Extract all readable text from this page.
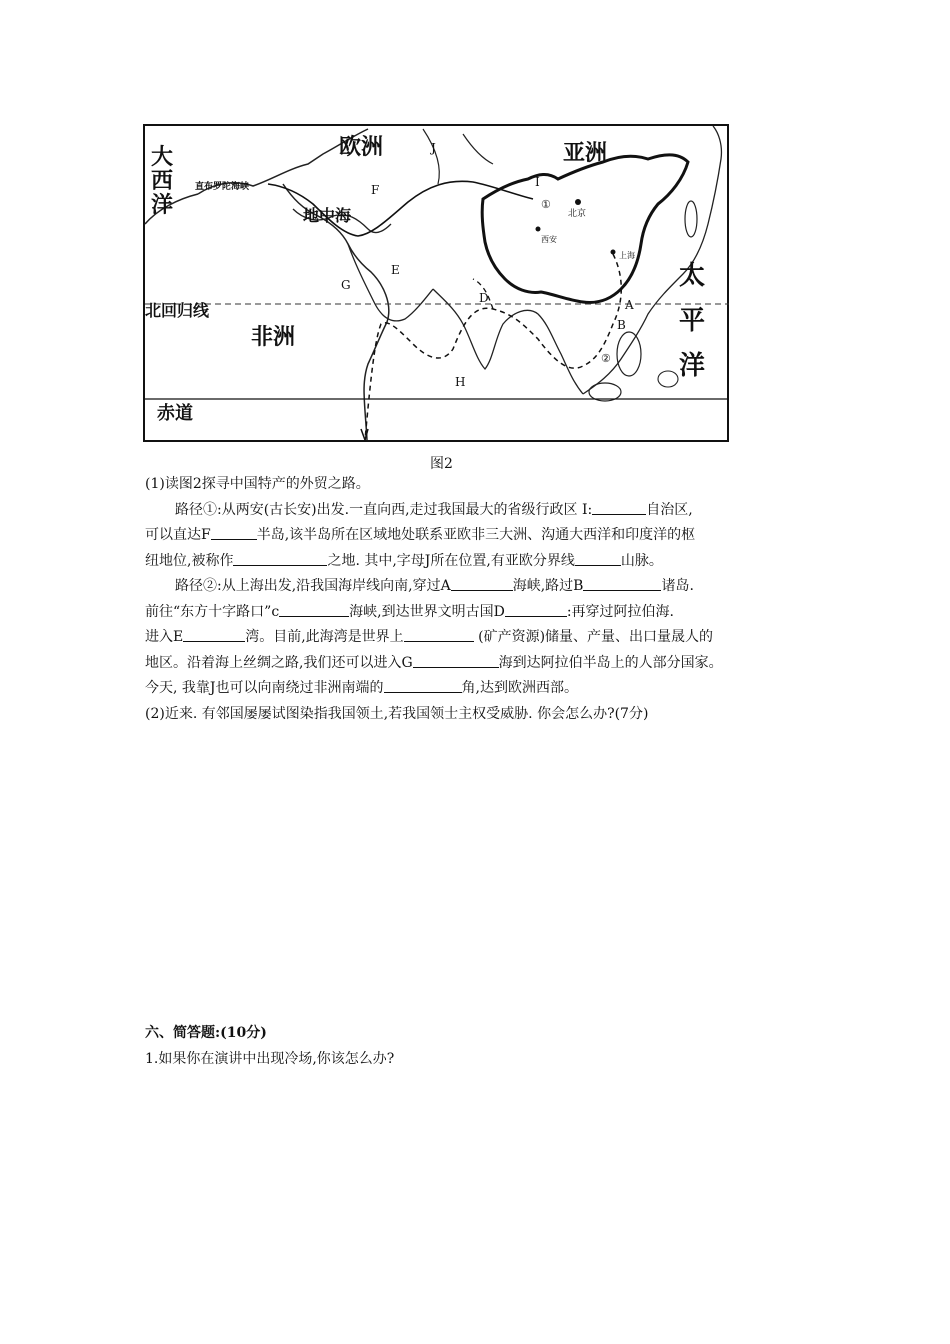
欧洲	亚洲
大
西
洋
直布罗陀海峡
地中海
北回归线
非洲
赤道
太
平
洋
北京
西安
上海
①
②
I
F
G
E
D
H
A
B
J
图2
(1)读图2探寻中国特产的外贸之路。
路径①:从两安(古长安)出发.一直向西,走过我国最大的省级行政区 I:	自治区,
可以直达F	半岛,该半岛所在区域地处联系亚欧非三大洲、沟通大西洋和印度洋的枢
纽地位,被称作	之地. 其中,字母J所在位置,有亚欧分界线	山脉。
路径②:从上海出发,沿我国海岸线向南,穿过A	海峡,路过B	诸岛.
前往“东方十字路口”c	海峡,到达世界文明古国D	:再穿过阿拉伯海.
进入E	湾。目前,此海湾是世界上	(矿产资源)储量、产量、出口量晟人的
地区。沿着海上丝绸之路,我们还可以进入G	海到达阿拉伯半岛上的人部分国家。
今天, 我靠J也可以向南绕过非洲南端的	角,达到欧洲西部。
(2)近来. 有邻国屡屡试图染指我国领土,若我国领士主权受威胁. 你会怎么办?(7分)
六、简答题:(10分)
1.如果你在演讲中出现冷场,你该怎么办?
